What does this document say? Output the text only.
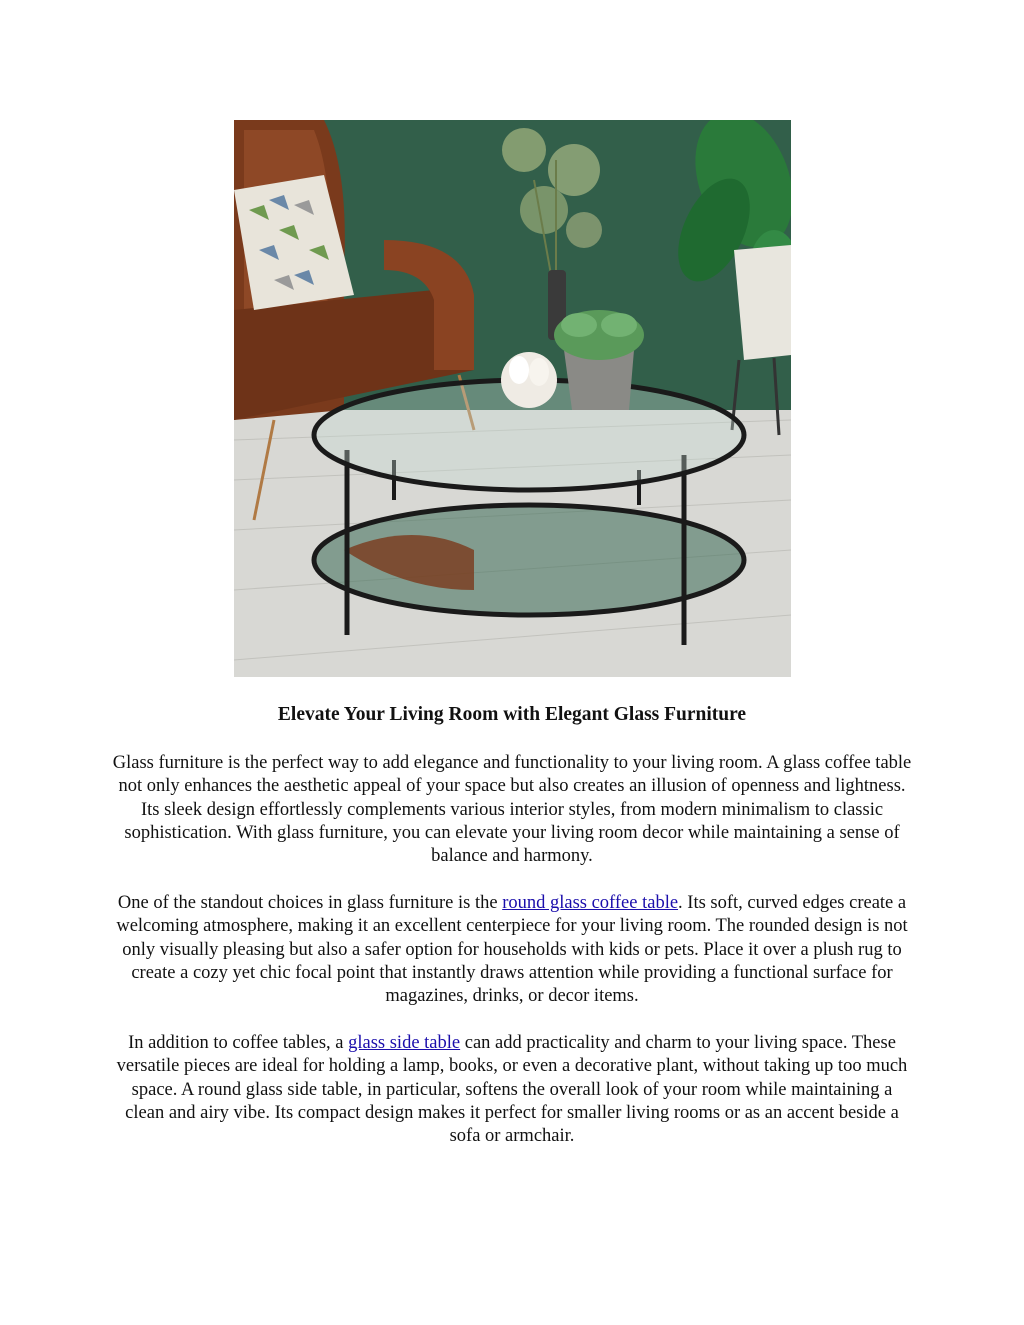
Elevate Your Living Room with Elegant Glass Furniture

Glass furniture is the perfect way to add elegance and functionality to your living room. A glass coffee table not only enhances the aesthetic appeal of your space but also creates an illusion of openness and lightness. Its sleek design effortlessly complements various interior styles, from modern minimalism to classic sophistication. With glass furniture, you can elevate your living room decor while maintaining a sense of balance and harmony.

One of the standout choices in glass furniture is the round glass coffee table. Its soft, curved edges create a welcoming atmosphere, making it an excellent centerpiece for your living room. The rounded design is not only visually pleasing but also a safer option for households with kids or pets. Place it over a plush rug to create a cozy yet chic focal point that instantly draws attention while providing a functional surface for magazines, drinks, or decor items.

In addition to coffee tables, a glass side table can add practicality and charm to your living space. These versatile pieces are ideal for holding a lamp, books, or even a decorative plant, without taking up too much space. A round glass side table, in particular, softens the overall look of your room while maintaining a clean and airy vibe. Its compact design makes it perfect for smaller living rooms or as an accent beside a sofa or armchair.
